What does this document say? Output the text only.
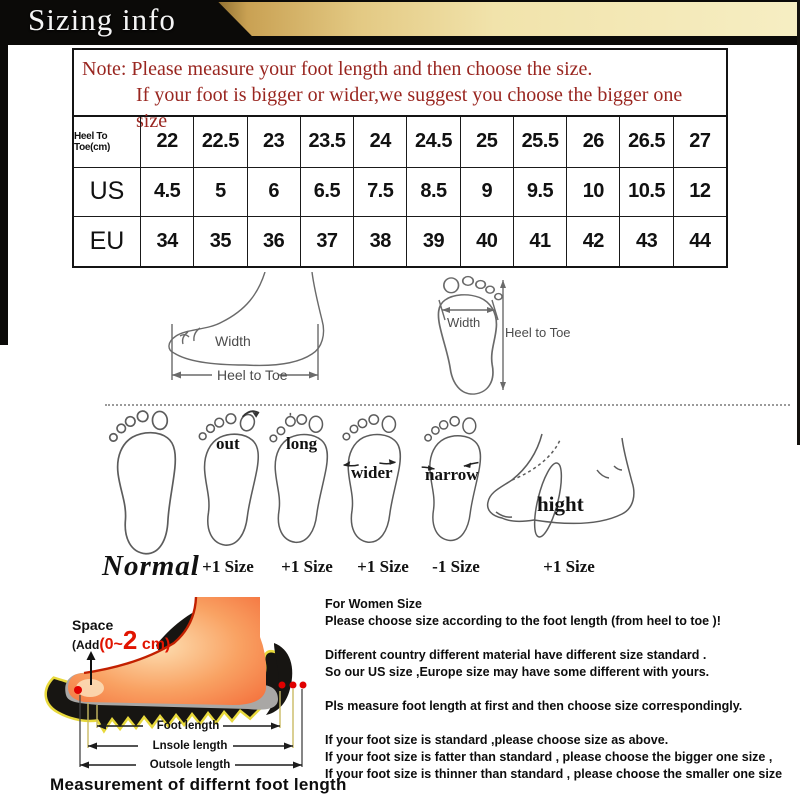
Sizing info
Note: Please measure your foot length and then choose the size.
If your foot is bigger or wider,we suggest you choose the bigger one size
Heel To Toe(cm)	22	22.5	23	23.5	24	24.5	25	25.5	26	26.5	27
US	4.5	5	6	6.5	7.5	8.5	9	9.5	10	10.5	12
EU	34	35	36	37	38	39	40	41	42	43	44
Width
Heel to Toe
Width
Heel to Toe
out	long
wider narrow
hight
Normal +1 Size +1 Size +1 Size	-1 Size	+1 Size
Space
(Add(0~2 cm)
Foot length
Lnsole length
Outsole length

For Women Size

Please choose size according to the foot length (from heel to toe )!

Different country different material have different size standard .

So our US size ,Europe size may have some different with yours.

Pls measure foot length at first and then choose size correspondingly.

If your foot size is standard ,please choose size as above.

If your foot size is fatter than standard , please choose the bigger one size ,

If your foot size is thinner than standard , please choose the smaller one size

Measurement of differnt foot length
